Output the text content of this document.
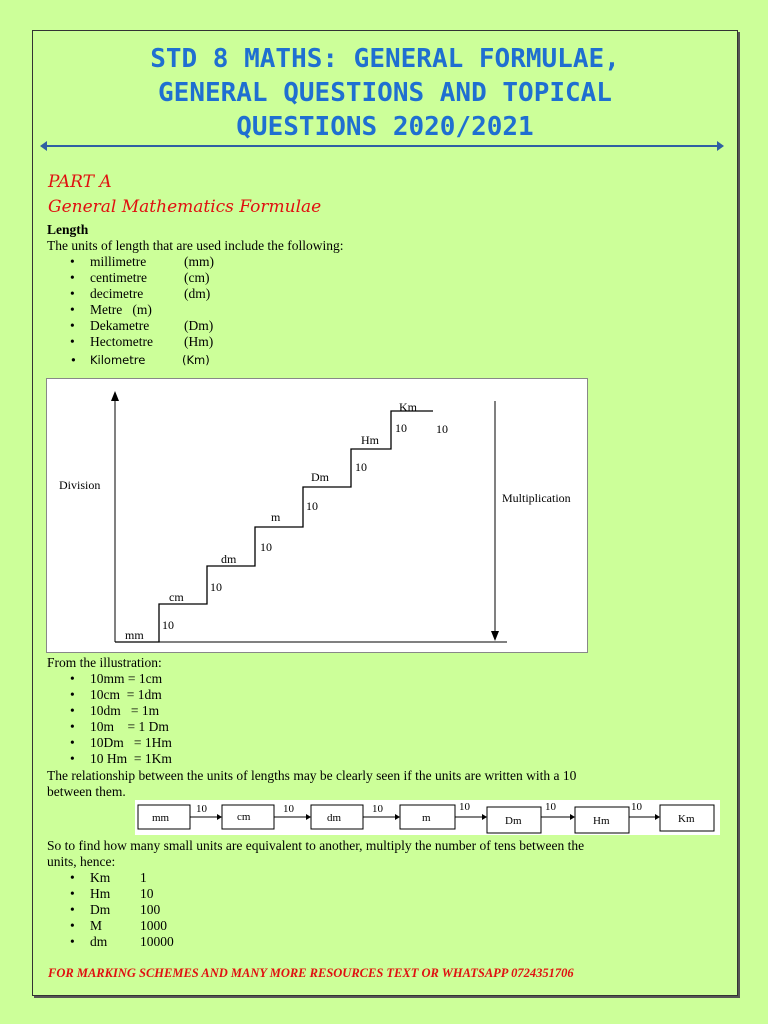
STD 8 MATHS: GENERAL FORMULAE,
GENERAL QUESTIONS AND TOPICAL
QUESTIONS 2020/2021
PART A
General Mathematics Formulae
Length
The units of length that are used include the following:
• millimetre	(mm)
• centimetre	(cm)
• decimetre	(dm)
• Metre   (m)
• Dekametre	(Dm)
• Hectometre (Hm)
• Kilometre	(Km)
Division
Multiplication
mm
cm
dm
m
Dm
Hm
Km
10
10
10
10
10
10 10
From the illustration:
• 10mm = 1cm
• 10cm  = 1dm
• 10dm   = 1m
• 10m    = 1 Dm
• 10Dm   = 1Hm
• 10 Hm  = 1Km
The relationship between the units of lengths may be clearly seen if the units are written with a 10
between them.
mm	cm	dm	m	Dm	Hm	Km
10	10	10	10	10	10
So to find how many small units are equivalent to another, multiply the number of tens between the
units, hence:
• Km 1
• Hm 10
• Dm 100
• M	1000
• dm 10000
FOR MARKING SCHEMES AND MANY MORE RESOURCES TEXT OR WHATSAPP 0724351706
